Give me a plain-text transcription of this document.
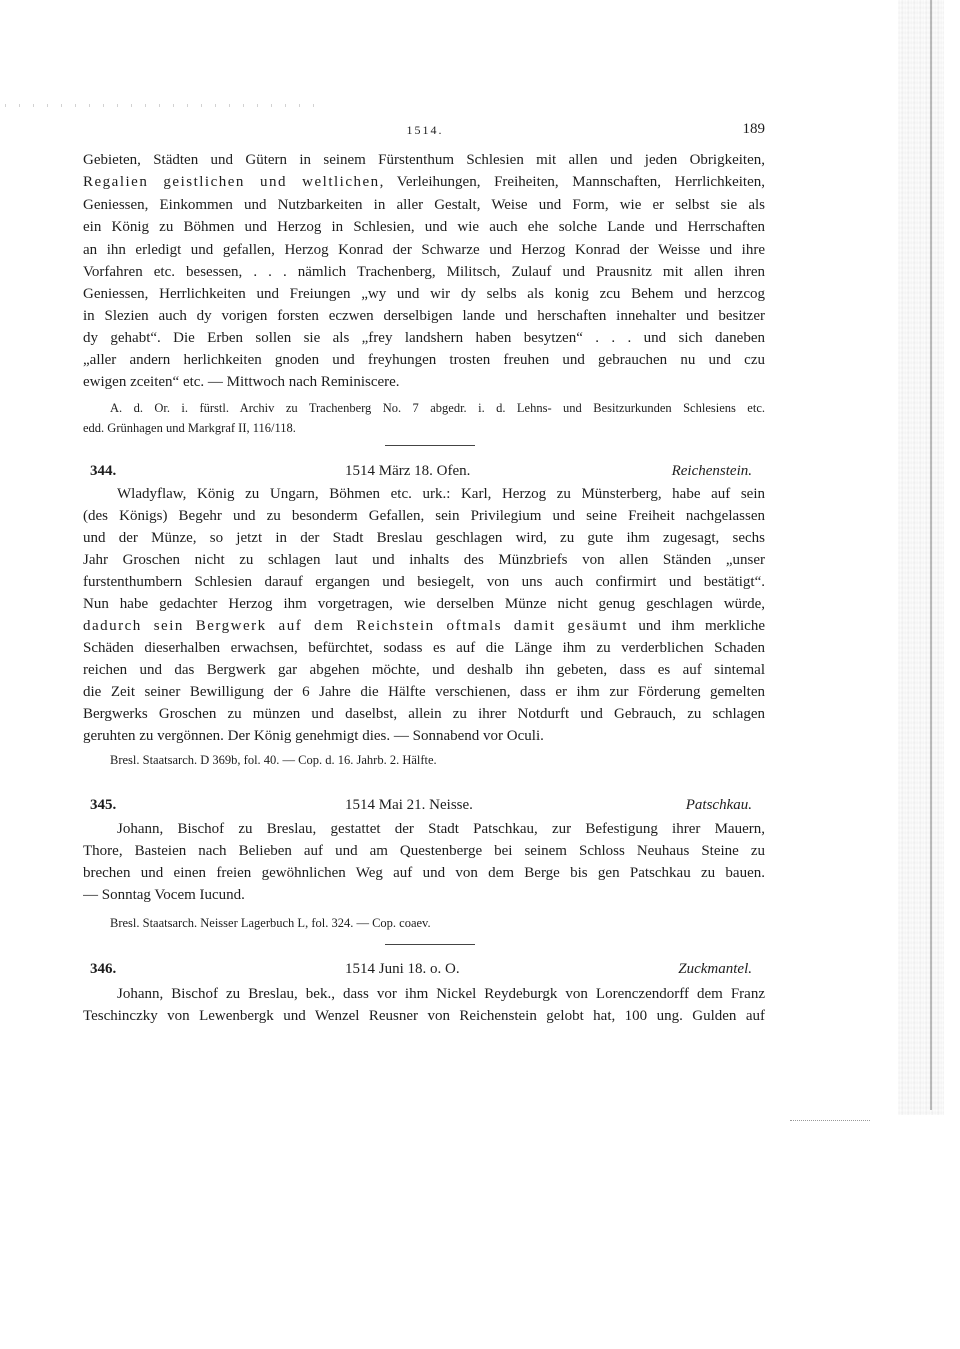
1514.	189
Gebieten, Städten und Gütern in seinem Fürstenthum Schlesien mit allen und jeden Obrigkeiten,
Regalien geistlichen und weltlichen, Verleihungen, Freiheiten, Mannschaften, Herrlichkeiten,
Geniessen, Einkommen und Nutzbarkeiten in aller Gestalt, Weise und Form, wie er selbst sie als
ein König zu Böhmen und Herzog in Schlesien, und wie auch ehe solche Lande und Herrschaften
an ihn erledigt und gefallen, Herzog Konrad der Schwarze und Herzog Konrad der Weisse und ihre
Vorfahren etc. besessen, . . . nämlich Trachenberg, Militsch, Zulauf und Prausnitz mit allen ihren
Geniessen, Herrlichkeiten und Freiungen „wy und wir dy selbs als konig zcu Behem und herzcog
in Slezien auch dy vorigen forsten eczwen derselbigen lande und herschaften innehalter und besitzer
dy gehabt“. Die Erben sollen sie als „frey landshern haben besytzen“ . . . und sich daneben
„aller andern herlichkeiten gnoden und freyhungen trosten freuhen und gebrauchen nu und czu
ewigen zceiten“ etc. — Mittwoch nach Reminiscere.
A. d. Or. i. fürstl. Archiv zu Trachenberg No. 7 abgedr. i. d. Lehns- und Besitzurkunden Schlesiens etc.
edd. Grünhagen und Markgraf II, 116/118.
344.	1514 März 18. Ofen.	Reichenstein.
Wladyflaw, König zu Ungarn, Böhmen etc. urk.: Karl, Herzog zu Münsterberg, habe auf sein
(des Königs) Begehr und zu besonderm Gefallen, sein Privilegium und seine Freiheit nachgelassen
und der Münze, so jetzt in der Stadt Breslau geschlagen wird, zu gute ihm zugesagt, sechs
Jahr Groschen nicht zu schlagen laut und inhalts des Münzbriefs von allen Ständen „unser
furstenthumbern Schlesien darauf ergangen und besiegelt, von uns auch confirmirt und bestätigt“.
Nun habe gedachter Herzog ihm vorgetragen, wie derselben Münze nicht genug geschlagen würde,
dadurch sein Bergwerk auf dem Reichstein oftmals damit gesäumt und ihm merkliche
Schäden dieserhalben erwachsen, befürchtet, sodass es auf die Länge ihm zu verderblichen Schaden
reichen und das Bergwerk gar abgehen möchte, und deshalb ihn gebeten, dass es auf sintemal
die Zeit seiner Bewilligung der 6 Jahre die Hälfte verschienen, dass er ihm zur Förderung gemelten
Bergwerks Groschen zu münzen und daselbst, allein zu ihrer Notdurft und Gebrauch, zu schlagen
geruhten zu vergönnen. Der König genehmigt dies. — Sonnabend vor Oculi.
Bresl. Staatsarch. D 369b, fol. 40. — Cop. d. 16. Jahrb. 2. Hälfte.
345.	1514 Mai 21. Neisse.	Patschkau.
Johann, Bischof zu Breslau, gestattet der Stadt Patschkau, zur Befestigung ihrer Mauern,
Thore, Basteien nach Belieben auf und am Questenberge bei seinem Schloss Neuhaus Steine zu
brechen und einen freien gewöhnlichen Weg auf und von dem Berge bis gen Patschkau zu bauen.
— Sonntag Vocem Iucund.
Bresl. Staatsarch. Neisser Lagerbuch L, fol. 324. — Cop. coaev.
346.	1514 Juni 18. o. O.	Zuckmantel.
Johann, Bischof zu Breslau, bek., dass vor ihm Nickel Reydeburgk von Lorenczendorff dem Franz
Teschinczky von Lewenbergk und Wenzel Reusner von Reichenstein gelobt hat, 100 ung. Gulden auf
